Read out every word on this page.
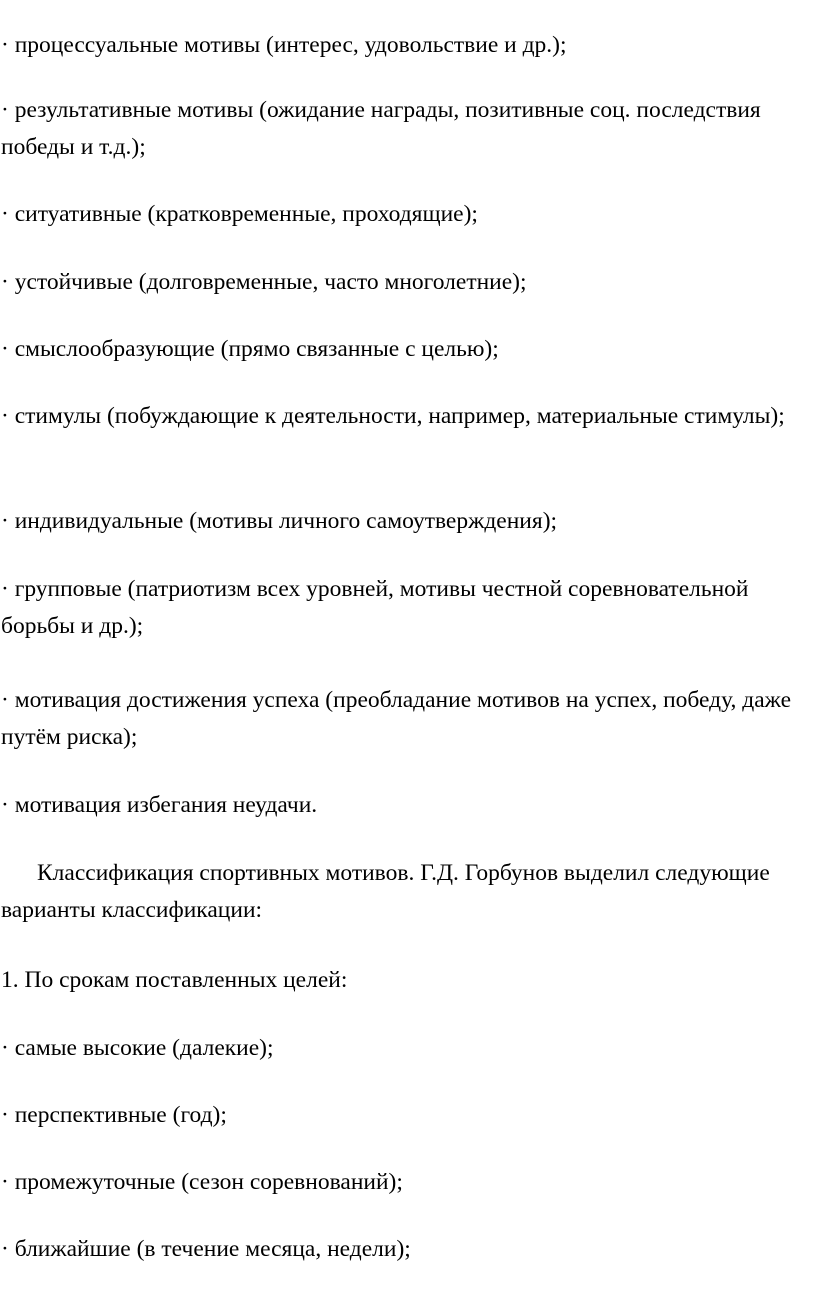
· процессуальные мотивы (интерес, удовольствие и др.);

· результативные мотивы (ожидание награды, позитивные соц. последствия победы и т.д.);

· ситуативные (кратковременные, проходящие);

· устойчивые (долговременные, часто многолетние);

· смыслообразующие (прямо связанные с целью);

· стимулы (побуждающие к деятельности, например, материальные стимулы);

· индивидуальные (мотивы личного самоутверждения);

· групповые (патриотизм всех уровней, мотивы честной соревновательной борьбы и др.);

· мотивация достижения успеха (преобладание мотивов на успех, победу, даже путём риска);

· мотивация избегания неудачи.

Классификация спортивных мотивов. Г.Д. Горбунов выделил следующие варианты классификации:

1. По срокам поставленных целей:

· самые высокие (далекие);

· перспективные (год);

· промежуточные (сезон соревнований);

· ближайшие (в течение месяца, недели);
